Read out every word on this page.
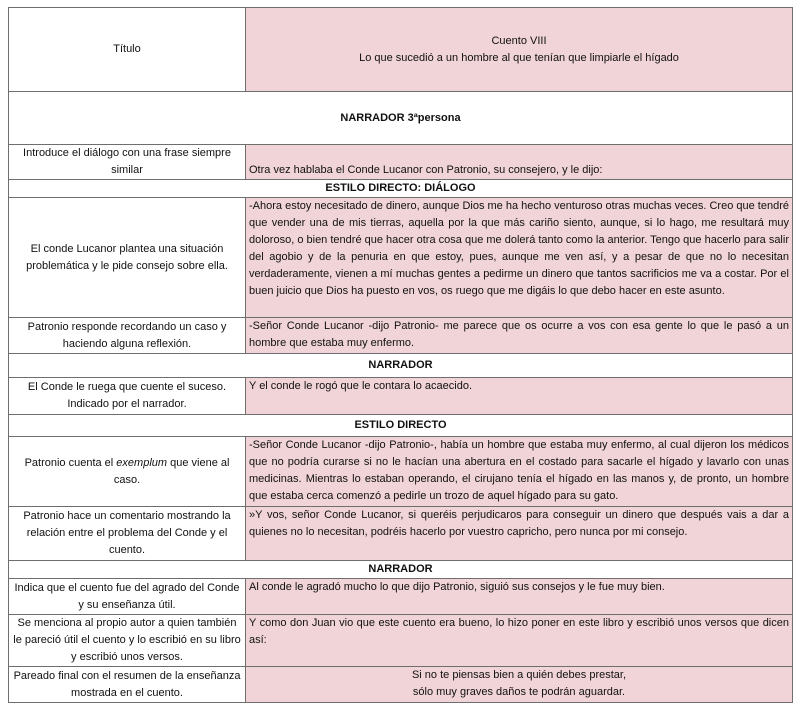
Título	Cuento VIII
Lo que sucedió a un hombre al que tenían que limpiarle el hígado

NARRADOR 3ªpersona	
Introduce el diálogo con una frase siempre similar	Otra vez hablaba el Conde Lucanor con Patronio, su consejero, y le dijo:
ESTILO DIRECTO: DIÁLOGO	
El conde Lucanor plantea una situación problemática y le pide consejo sobre ella.	-Ahora estoy necesitado de dinero, aunque Dios me ha hecho venturoso otras muchas veces. Creo que tendré que vender una de mis tierras, aquella por la que más cariño siento, aunque, si lo hago, me resultará muy doloroso, o bien tendré que hacer otra cosa que me dolerá tanto como la anterior. Tengo que hacerlo para salir del agobio y de la penuria en que estoy, pues, aunque me ven así, y a pesar de que no lo necesitan verdaderamente, vienen a mí muchas gentes a pedirme un dinero que tantos sacrificios me va a costar. Por el buen juicio que Dios ha puesto en vos, os ruego que me digáis lo que debo hacer en este asunto.
Patronio responde recordando un caso y haciendo alguna reflexión.	-Señor Conde Lucanor -dijo Patronio- me parece que os ocurre a vos con esa gente lo que le pasó a un hombre que estaba muy enfermo.
NARRADOR	
El Conde le ruega que cuente el suceso. Indicado por el narrador.	Y el conde le rogó que le contara lo acaecido.
ESTILO DIRECTO	
Patronio cuenta el exemplum que viene al caso.	-Señor Conde Lucanor -dijo Patronio-, había un hombre que estaba muy enfermo, al cual dijeron los médicos que no podría curarse si no le hacían una abertura en el costado para sacarle el hígado y lavarlo con unas medicinas. Mientras lo estaban operando, el cirujano tenía el hígado en las manos y, de pronto, un hombre que estaba cerca comenzó a pedirle un trozo de aquel hígado para su gato.
Patronio hace un comentario mostrando la relación entre el problema del Conde y el cuento.	»Y vos, señor Conde Lucanor, si queréis perjudicaros para conseguir un dinero que después vais a dar a quienes no lo necesitan, podréis hacerlo por vuestro capricho, pero nunca por mi consejo.
NARRADOR	
Indica que el cuento fue del agrado del Conde y su enseñanza útil.	Al conde le agradó mucho lo que dijo Patronio, siguió sus consejos y le fue muy bien.
Se menciona al propio autor a quien también le pareció útil el cuento y lo escribió en su libro y escribió unos versos.	Y como don Juan vio que este cuento era bueno, lo hizo poner en este libro y escribió unos versos que dicen así:
Pareado final con el resumen de la enseñanza mostrada en el cuento.	Si no te piensas bien a quién debes prestar,
sólo muy graves daños te podrán aguardar.
